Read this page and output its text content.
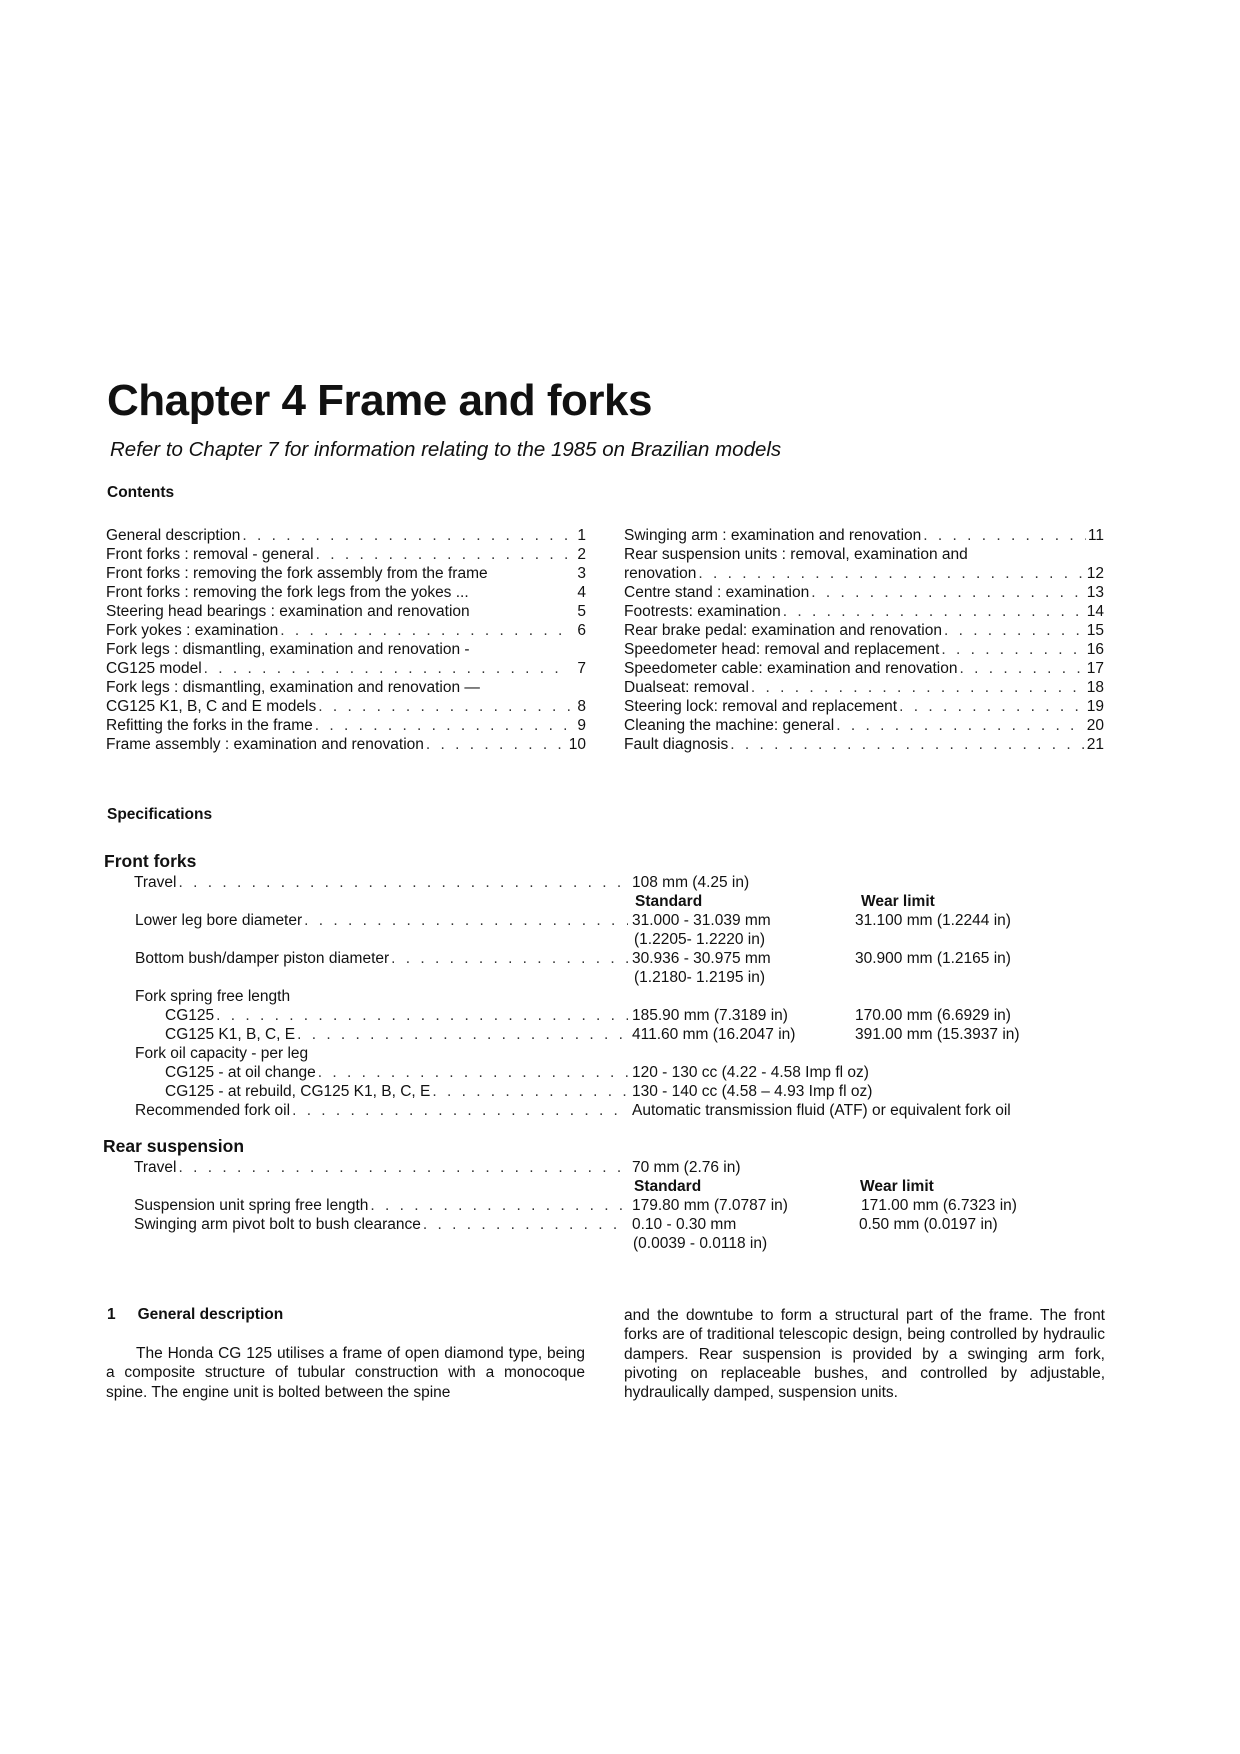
Chapter 4 Frame and forks
Refer to Chapter 7 for information relating to the 1985 on Brazilian models
Contents
General description . . .	1
Front forks : removal - general . . .	2
Front forks : removing the fork assembly from the frame	3
Front forks : removing the fork legs from the yokes ...	4
Steering head bearings : examination and renovation	5
Fork yokes : examination . . .	6
Fork legs : dismantling, examination and renovation -
CG125 model . . .	7
Fork legs : dismantling, examination and renovation —
CG125 K1, B, C and E models . . .	8
Refitting the forks in the frame . . .	9
Frame assembly : examination and renovation . . .	10
Swinging arm : examination and renovation . . .	11
Rear suspension units : removal, examination and
renovation . . .	12
Centre stand : examination . . .	13
Footrests: examination . . .	14
Rear brake pedal: examination and renovation . . .	15
Speedometer head: removal and replacement . . .	16
Speedometer cable: examination and renovation . . .	17
Dualseat: removal . . .	18
Steering lock: removal and replacement . . .	19
Cleaning the machine: general . . .	20
Fault diagnosis . . .	21
Specifications
Front forks
Travel . . .	108 mm (4.25 in)
Standard	Wear limit
Lower leg bore diameter . . .	31.000 - 31.039 mm	31.100 mm (1.2244 in)
(1.2205- 1.2220 in)
Bottom bush/damper piston diameter . . .	30.936 - 30.975 mm	30.900 mm (1.2165 in)
(1.2180- 1.2195 in)
Fork spring free length
CG125 . . .	185.90 mm (7.3189 in)	170.00 mm (6.6929 in)
CG125 K1, B, C, E . . .	411.60 mm (16.2047 in)	391.00 mm (15.3937 in)
Fork oil capacity - per leg
CG125 - at oil change . . .	120 - 130 cc (4.22 - 4.58 Imp fl oz)
CG125 - at rebuild, CG125 K1, B, C, E . . .	130 - 140 cc (4.58 – 4.93 Imp fl oz)
Recommended fork oil . . .	Automatic transmission fluid (ATF) or equivalent fork oil
Rear suspension
Travel . . .	70 mm (2.76 in)
Standard	Wear limit
Suspension unit spring free length . . .	179.80 mm (7.0787 in)	171.00 mm (6.7323 in)
Swinging arm pivot bolt to bush clearance . . .	0.10 - 0.30 mm	0.50 mm (0.0197 in)
(0.0039 - 0.0118 in)
1 General description
The Honda CG 125 utilises a frame of open diamond type, being a composite structure of tubular construction with a monocoque spine. The engine unit is bolted between the spine
and the downtube to form a structural part of the frame. The front forks are of traditional telescopic design, being controlled by hydraulic dampers. Rear suspension is provided by a swinging arm fork, pivoting on replaceable bushes, and controlled by adjustable, hydraulically damped, suspension units.
